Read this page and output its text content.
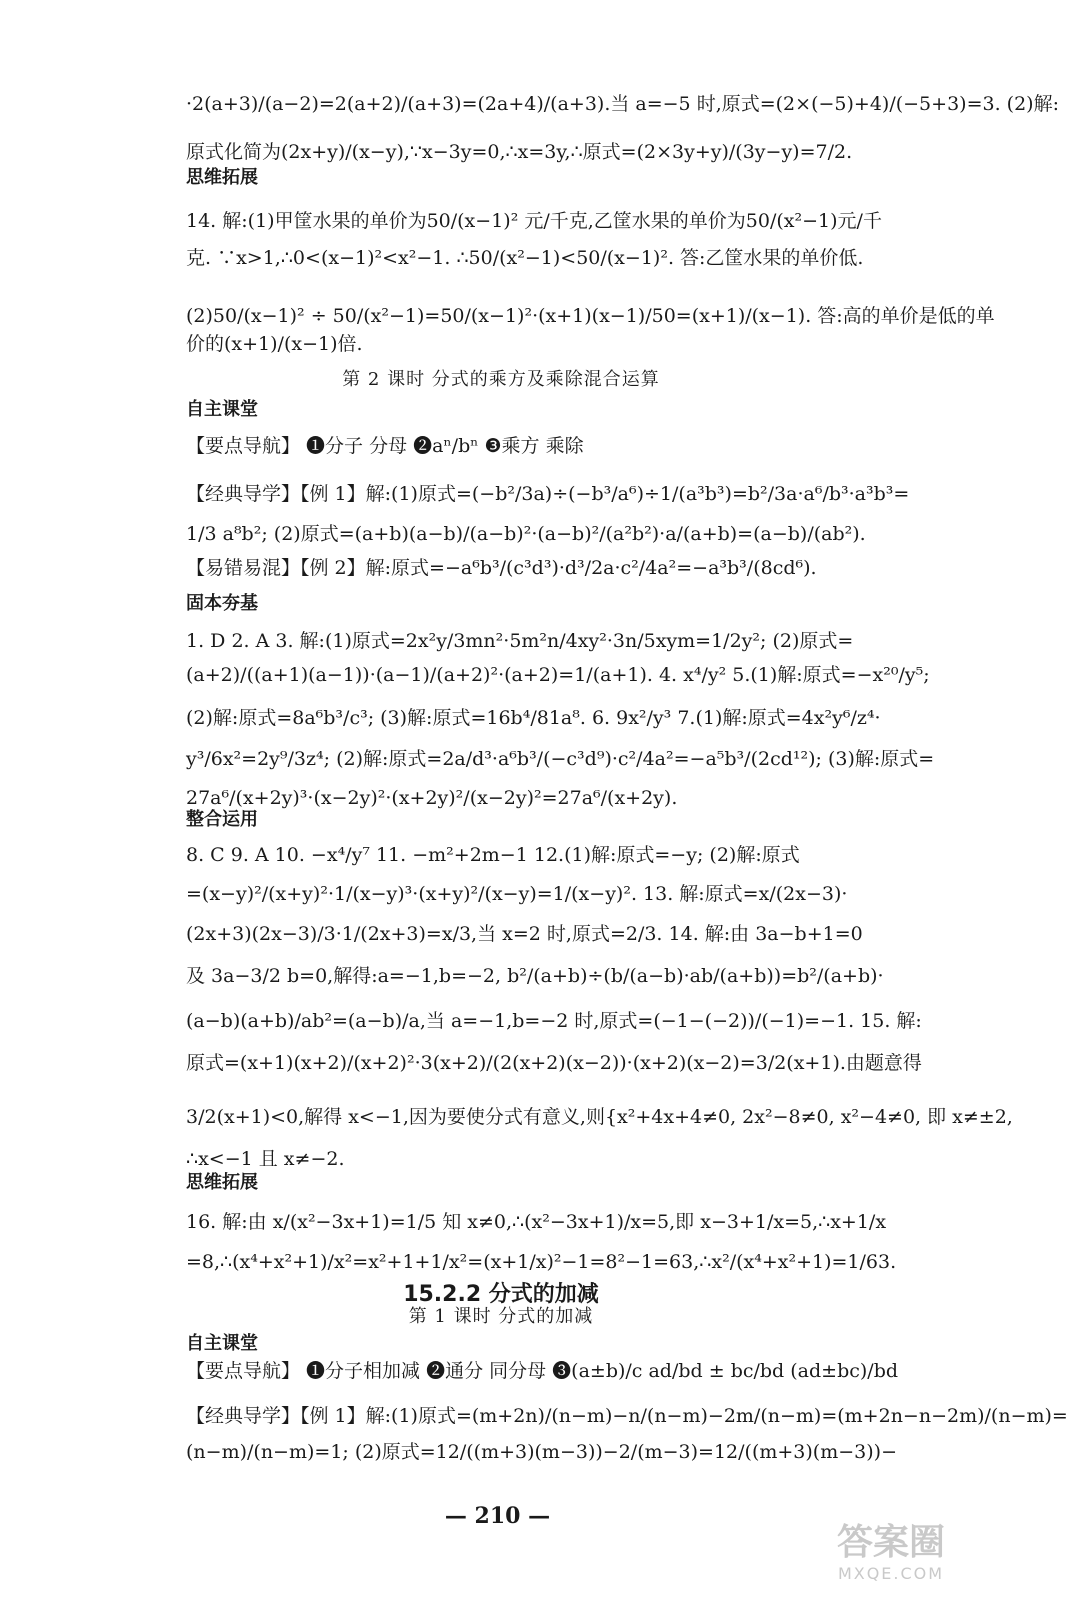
·2(a+3)/(a−2)=2(a+2)/(a+3)=(2a+4)/(a+3).当 a=−5 时,原式=(2×(−5)+4)/(−5+3)=3. (2)解:
原式化简为(2x+y)/(x−y),∵x−3y=0,∴x=3y,∴原式=(2×3y+y)/(3y−y)=7/2.
思维拓展
14. 解:(1)甲筐水果的单价为50/(x−1)² 元/千克,乙筐水果的单价为50/(x²−1)元/千
克. ∵x>1,∴0<(x−1)²<x²−1. ∴50/(x²−1)<50/(x−1)². 答:乙筐水果的单价低.
(2)50/(x−1)² ÷ 50/(x²−1)=50/(x−1)²·(x+1)(x−1)/50=(x+1)/(x−1). 答:高的单价是低的单
价的(x+1)/(x−1)倍.
第 2 课时 分式的乘方及乘除混合运算
自主课堂
【要点导航】 ❶分子 分母 ❷aⁿ/bⁿ ❸乘方 乘除
【经典导学】【例 1】解:(1)原式=(−b²/3a)÷(−b³/a⁶)÷1/(a³b³)=b²/3a·a⁶/b³·a³b³=
1/3 a⁸b²; (2)原式=(a+b)(a−b)/(a−b)²·(a−b)²/(a²b²)·a/(a+b)=(a−b)/(ab²).
【易错易混】【例 2】解:原式=−a⁶b³/(c³d³)·d³/2a·c²/4a²=−a³b³/(8cd⁶).
固本夯基
1. D 2. A 3. 解:(1)原式=2x²y/3mn²·5m²n/4xy²·3n/5xym=1/2y²; (2)原式=
(a+2)/((a+1)(a−1))·(a−1)/(a+2)²·(a+2)=1/(a+1). 4. x⁴/y² 5.(1)解:原式=−x²⁰/y⁵;
(2)解:原式=8a⁶b³/c³; (3)解:原式=16b⁴/81a⁸. 6. 9x²/y³ 7.(1)解:原式=4x²y⁶/z⁴·
y³/6x²=2y⁹/3z⁴; (2)解:原式=2a/d³·a⁶b³/(−c³d⁹)·c²/4a²=−a⁵b³/(2cd¹²); (3)解:原式=
27a⁶/(x+2y)³·(x−2y)²·(x+2y)²/(x−2y)²=27a⁶/(x+2y).
整合运用
8. C 9. A 10. −x⁴/y⁷ 11. −m²+2m−1 12.(1)解:原式=−y; (2)解:原式
=(x−y)²/(x+y)²·1/(x−y)³·(x+y)²/(x−y)=1/(x−y)². 13. 解:原式=x/(2x−3)·
(2x+3)(2x−3)/3·1/(2x+3)=x/3,当 x=2 时,原式=2/3. 14. 解:由 3a−b+1=0
及 3a−3/2 b=0,解得:a=−1,b=−2, b²/(a+b)÷(b/(a−b)·ab/(a+b))=b²/(a+b)·
(a−b)(a+b)/ab²=(a−b)/a,当 a=−1,b=−2 时,原式=(−1−(−2))/(−1)=−1. 15. 解:
原式=(x+1)(x+2)/(x+2)²·3(x+2)/(2(x+2)(x−2))·(x+2)(x−2)=3/2(x+1).由题意得
3/2(x+1)<0,解得 x<−1,因为要使分式有意义,则{x²+4x+4≠0, 2x²−8≠0, x²−4≠0, 即 x≠±2,
∴x<−1 且 x≠−2.
思维拓展
16. 解:由 x/(x²−3x+1)=1/5 知 x≠0,∴(x²−3x+1)/x=5,即 x−3+1/x=5,∴x+1/x
=8,∴(x⁴+x²+1)/x²=x²+1+1/x²=(x+1/x)²−1=8²−1=63,∴x²/(x⁴+x²+1)=1/63.
15.2.2 分式的加减
第 1 课时 分式的加减
自主课堂
【要点导航】 ❶分子相加减 ❷通分 同分母 ❸(a±b)/c ad/bd ± bc/bd (ad±bc)/bd
【经典导学】【例 1】解:(1)原式=(m+2n)/(n−m)−n/(n−m)−2m/(n−m)=(m+2n−n−2m)/(n−m)=
(n−m)/(n−m)=1; (2)原式=12/((m+3)(m−3))−2/(m−3)=12/((m+3)(m−3))−
— 210 —
答案圈
MXQE.COM
